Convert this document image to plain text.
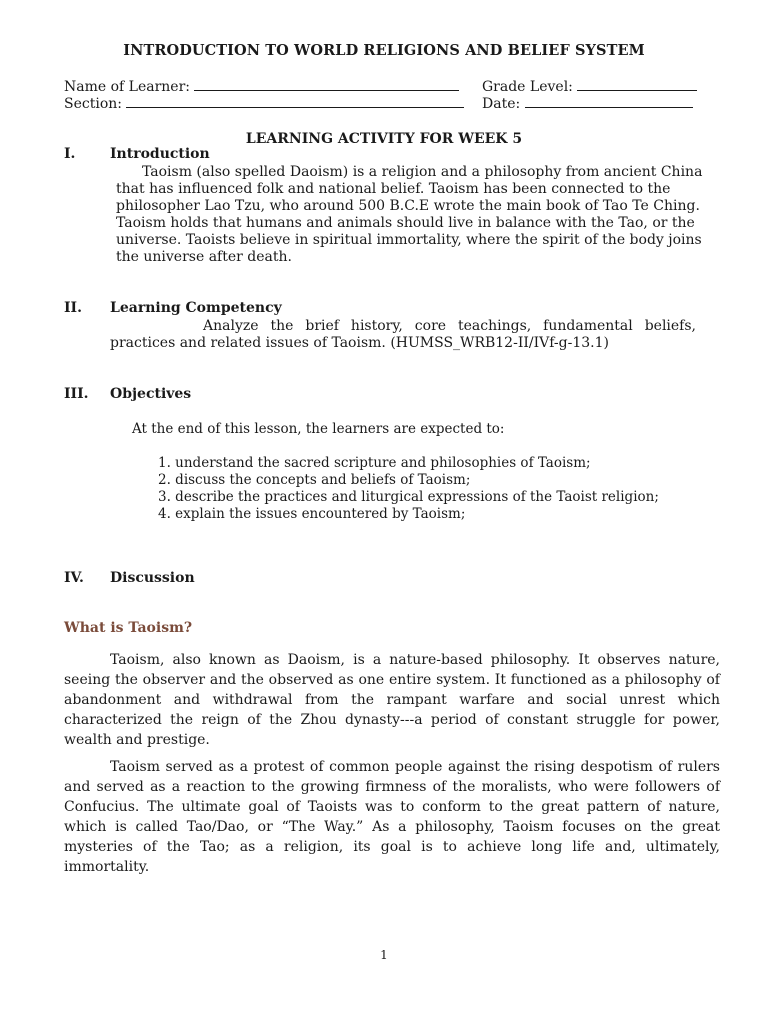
INTRODUCTION TO WORLD RELIGIONS AND BELIEF SYSTEM
Name of Learner:	Grade Level:
Section:	Date:
LEARNING ACTIVITY FOR WEEK 5
I. Introduction
Taoism (also spelled Daoism) is a religion and a philosophy from ancient China that has influenced folk and national belief. Taoism has been connected to the philosopher Lao Tzu, who around 500 B.C.E wrote the main book of Tao Te Ching. Taoism holds that humans and animals should live in balance with the Tao, or the universe. Taoists believe in spiritual immortality, where the spirit of the body joins the universe after death.
II. Learning Competency
Analyze the brief history, core teachings, fundamental beliefs, practices and related issues of Taoism. (HUMSS_WRB12-II/IVf-g-13.1)
III. Objectives
At the end of this lesson, the learners are expected to:
1. understand the sacred scripture and philosophies of Taoism;
2. discuss the concepts and beliefs of Taoism;
3. describe the practices and liturgical expressions of the Taoist religion;
4. explain the issues encountered by Taoism;
IV. Discussion
What is Taoism?
Taoism, also known as Daoism, is a nature-based philosophy. It observes nature, seeing the observer and the observed as one entire system. It functioned as a philosophy of abandonment and withdrawal from the rampant warfare and social unrest which characterized the reign of the Zhou dynasty---a period of constant struggle for power, wealth and prestige.
Taoism served as a protest of common people against the rising despotism of rulers and served as a reaction to the growing firmness of the moralists, who were followers of Confucius. The ultimate goal of Taoists was to conform to the great pattern of nature, which is called Tao/Dao, or “The Way.” As a philosophy, Taoism focuses on the great mysteries of the Tao; as a religion, its goal is to achieve long life and, ultimately, immortality.
1
